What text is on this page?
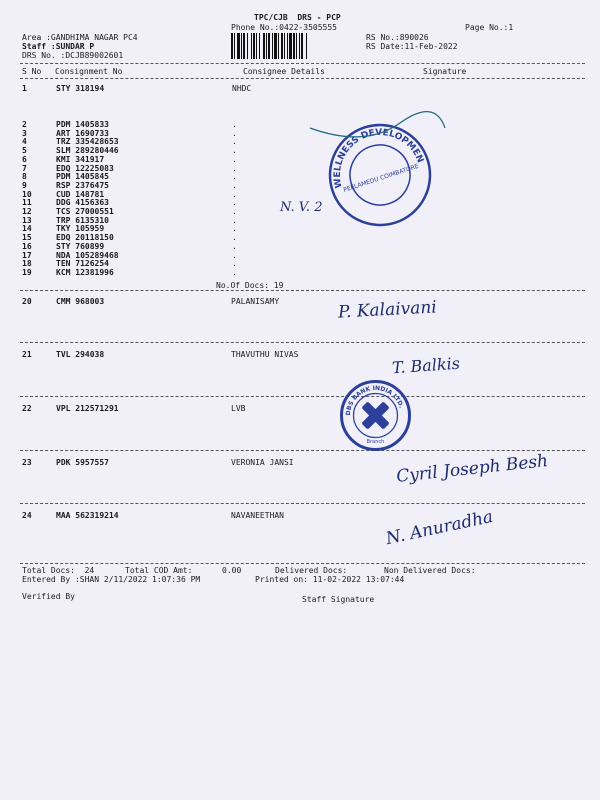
TPC/CJB  DRS - PCP
Phone No.:0422-3505555	Page No.:1
Area :GANDHIMA NAGAR PC4
Staff :SUNDAR P
DRS No. :DCJB89002601
RS No.:890026
RS Date:11-Feb-2022
S No Consignment No	Consignee Details	Signature
1	STY 318194	NHDC
2	PDM 1405833	.
3	ART 1690733	.
4	TRZ 335428653	.
5	SLM 289280446	.
6	KMI 341917	.
7	EDQ 12225083	.
8	PDM 1405845	.
9	RSP 2376475	.
10	CUD 148781	.
11	DDG 4156363	.
12	TCS 27000551	.
13	TRP 6135310	.
14	TKY 105959	.
15	EDQ 20118150	.
16	STY 760899	.
17	NDA 105289468	.
18	TEN 7126254	.
19	KCM 12381996	.
No.Of Docs: 19
WELLNESS DEVELOPMENT
PEELAMEDU COIMBATORE
N. V. 2
20	CMM 968003	PALANISAMY	P. Kalaivani
21	TVL 294038	THAVUTHU NIVAS	T. Balkis
22	VPL 212571291	LVB
23	PDK 5957557	VERONIA JANSI	Cyril Joseph Besh
24	MAA 562319214	NAVANEETHAN	N. Anuradha
DBS BANK INDIA LTD.
Branch
Total Docs:  24	Total COD Amt:	0.00	Delivered Docs:	Non Delivered Docs:
Entered By :SHAN 2/11/2022 1:07:36 PM	Printed on: 11-02-2022 13:07:44
Verified By	Staff Signature
